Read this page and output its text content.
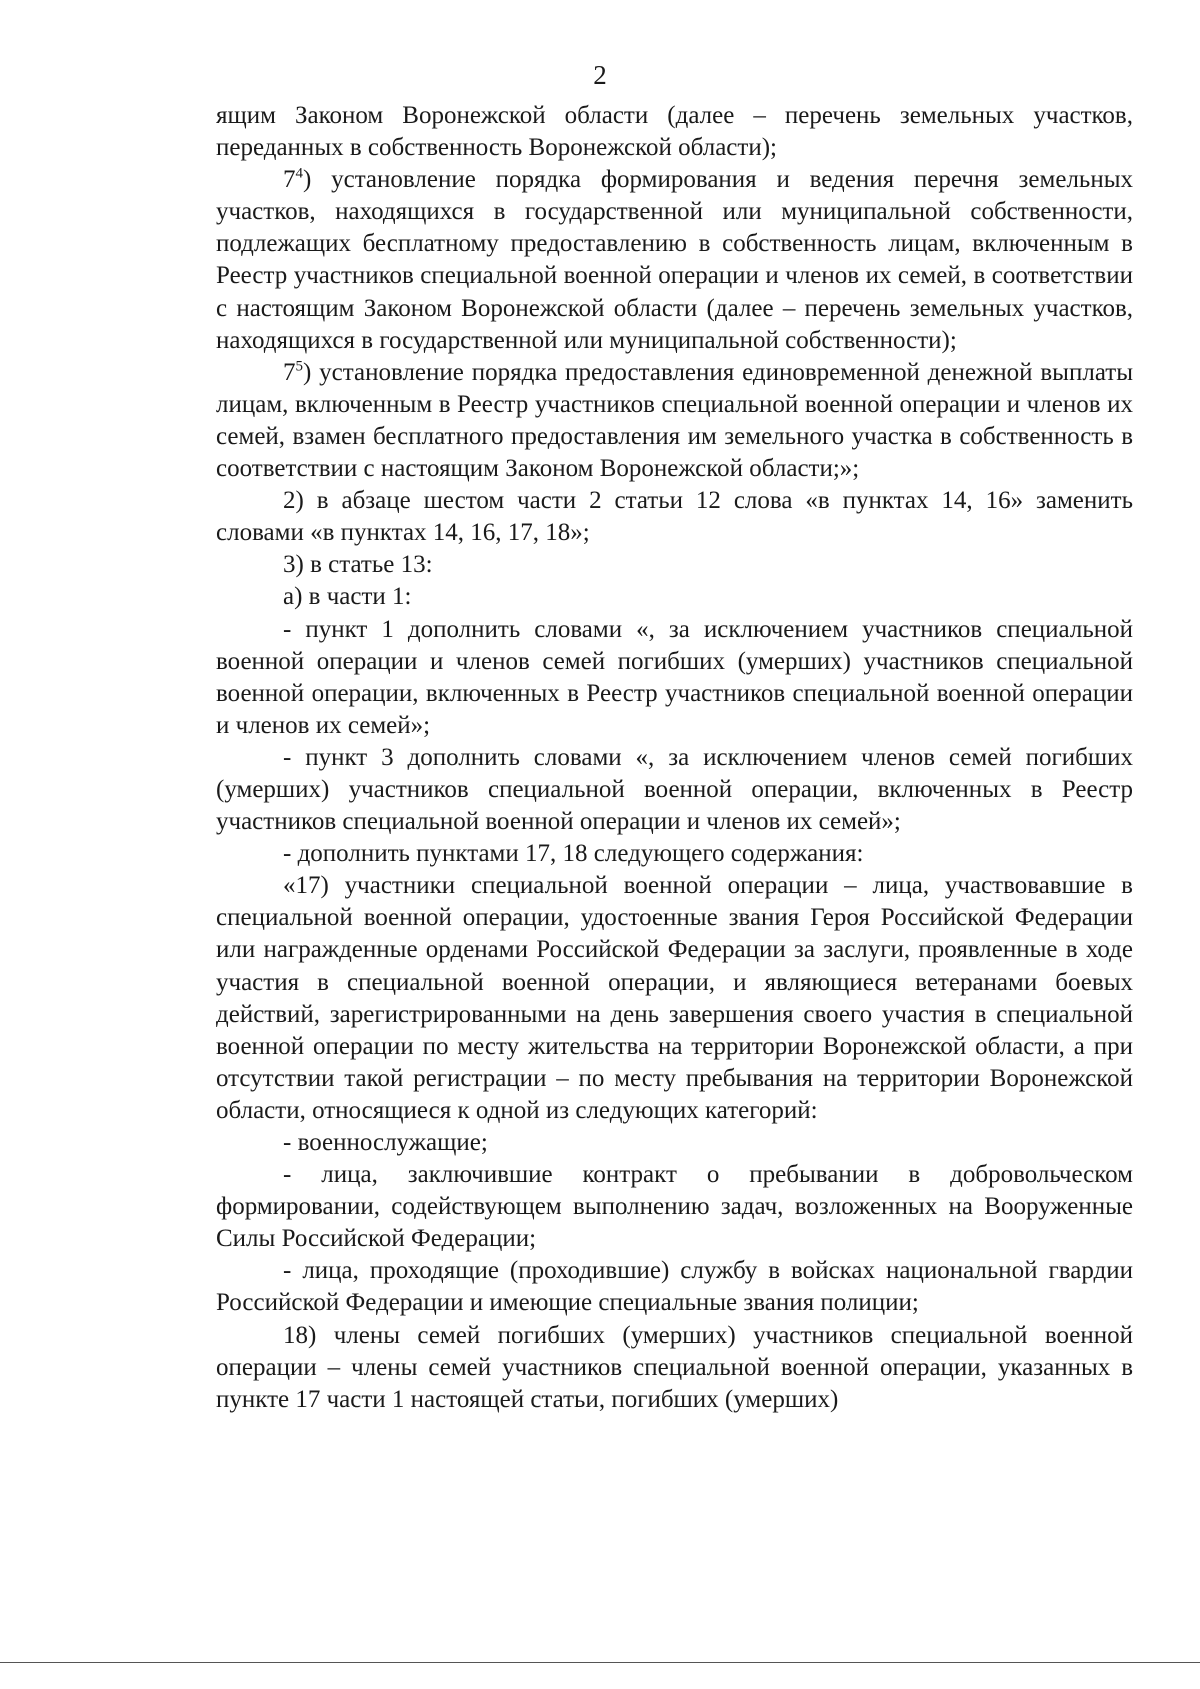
2

ящим Законом Воронежской области (далее – перечень земельных участков, переданных в собственность Воронежской области);

$7^4$) установление порядка формирования и ведения перечня земельных участков, находящихся в государственной или муниципальной собственности, подлежащих бесплатному предоставлению в собственность лицам, включенным в Реестр участников специальной военной операции и членов их семей, в соответствии с настоящим Законом Воронежской области (далее – перечень земельных участков, находящихся в государственной или муниципальной собственности);

$7^5$) установление порядка предоставления единовременной денежной выплаты лицам, включенным в Реестр участников специальной военной операции и членов их семей, взамен бесплатного предоставления им земельного участка в собственность в соответствии с настоящим Законом Воронежской области;»;

2) в абзаце шестом части 2 статьи 12 слова «в пунктах 14, 16» заменить словами «в пунктах 14, 16, 17, 18»;

3) в статье 13:

а) в части 1:

- пункт 1 дополнить словами «, за исключением участников специальной военной операции и членов семей погибших (умерших) участников специальной военной операции, включенных в Реестр участников специальной военной операции и членов их семей»;

- пункт 3 дополнить словами «, за исключением членов семей погибших (умерших) участников специальной военной операции, включенных в Реестр участников специальной военной операции и членов их семей»;

- дополнить пунктами 17, 18 следующего содержания:

«17) участники специальной военной операции – лица, участвовавшие в специальной военной операции, удостоенные звания Героя Российской Федерации или награжденные орденами Российской Федерации за заслуги, проявленные в ходе участия в специальной военной операции, и являющиеся ветеранами боевых действий, зарегистрированными на день завершения своего участия в специальной военной операции по месту жительства на территории Воронежской области, а при отсутствии такой регистрации – по месту пребывания на территории Воронежской области, относящиеся к одной из следующих категорий:

- военнослужащие;

- лица, заключившие контракт о пребывании в добровольческом формировании, содействующем выполнению задач, возложенных на Вооруженные Силы Российской Федерации;

- лица, проходящие (проходившие) службу в войсках национальной гвардии Российской Федерации и имеющие специальные звания полиции;

18) члены семей погибших (умерших) участников специальной военной операции – члены семей участников специальной военной операции, указанных в пункте 17 части 1 настоящей статьи, погибших (умерших)
